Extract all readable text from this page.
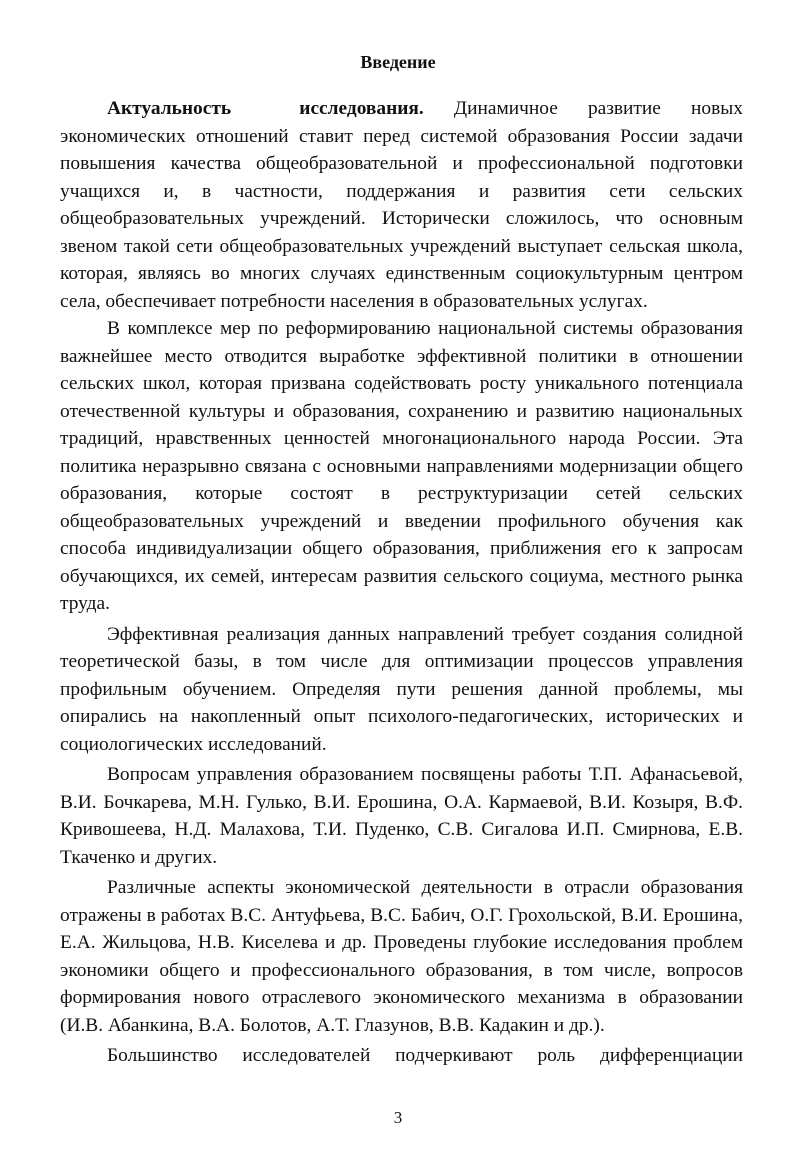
Введение

Актуальность исследования. Динамичное развитие новых экономических отношений ставит перед системой образования России задачи повышения качества общеобразовательной и профессиональной подготовки учащихся и, в частности, поддержания и развития сети сельских общеобразовательных учреждений. Исторически сложилось, что основным звеном такой сети общеобразовательных учреждений выступает сельская школа, которая, являясь во многих случаях единственным социокультурным центром села, обеспечивает потребности населения в образовательных услугах.

В комплексе мер по реформированию национальной системы образования важнейшее место отводится выработке эффективной политики в отношении сельских школ, которая призвана содействовать росту уникального потенциала отечественной культуры и образования, сохранению и развитию национальных традиций, нравственных ценностей многонационального народа России. Эта политика неразрывно связана с основными направлениями модернизации общего образования, которые состоят в реструктуризации сетей сельских общеобразовательных учреждений и введении профильного обучения как способа индивидуализации общего образования, приближения его к запросам обучающихся, их семей, интересам развития сельского социума, местного рынка труда.

Эффективная реализация данных направлений требует создания солидной теоретической базы, в том числе для оптимизации процессов управления профильным обучением. Определяя пути решения данной проблемы, мы опирались на накопленный опыт психолого-педагогических, исторических и социологических исследований.

Вопросам управления образованием посвящены работы Т.П. Афанасьевой, В.И. Бочкарева, М.Н. Гулько, В.И. Ерошина, О.А. Кармаевой, В.И. Козыря, В.Ф. Кривошеева, Н.Д. Малахова, Т.И. Пуденко, С.В. Сигалова И.П. Смирнова, Е.В. Ткаченко и других.

Различные аспекты экономической деятельности в отрасли образования отражены в работах В.С. Антуфьева, В.С. Бабич, О.Г. Грохольской, В.И. Ерошина, Е.А. Жильцова, Н.В. Киселева и др. Проведены глубокие исследования проблем экономики общего и профессионального образования, в том числе, вопросов формирования нового отраслевого экономического механизма в образовании (И.В. Абанкина, В.А. Болотов, А.Т. Глазунов, В.В. Кадакин и др.).

Большинство исследователей подчеркивают роль дифференциации

3
